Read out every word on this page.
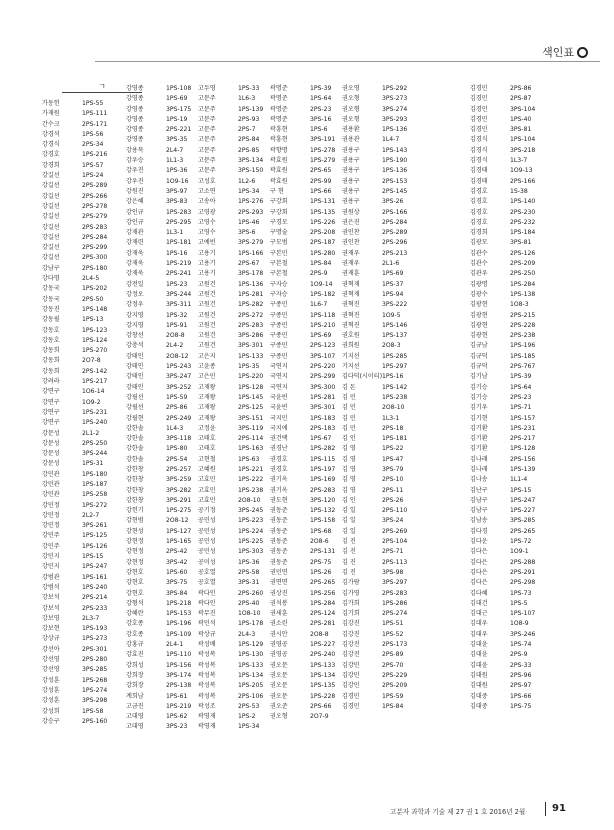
색인표
ㄱ
가동헌	1PS-55
가재원	1PS-111
간수크	2PS-171
강경석	1PS-56
강경식	2PS-34
강경호	1PS-216
강경희	1PS-57
강길선	1PS-24
강길선	2PS-289
강길선	2PS-266
강길선	2PS-278
강길선	2PS-279
강길선	2PS-283
강길선	2PS-284
강길선	2PS-299
강길선	2PS-300
강남구	2PS-180
강다영	2L4-5
강동국	1PS-202
강동국	2PS-50
강동진	1PS-148
강동필	1PS-13
강동호	1PS-123
강동호	1PS-124
강동희	1PS-270
강동희	2O7-8
강동희	2PS-142
강려라	1PS-217
강면구	1O6-14
강면구	1O9-2
강면구	1PS-231
강면구	1PS-240
강문성	2L1-2
강문성	2PS-250
강문성	3PS-244
강문성	1PS-31
강민관	1PS-180
강민관	1PS-187
강민관	1PS-258
강민정	1PS-272
강민정	2L2-7
강민정	3PS-261
강민주	1PS-125
강민주	1PS-126
강민지	1PS-15
강민지	1PS-247
강범관	1PS-161
강범석	1PS-240
강보석	2PS-214
강보석	2PS-233
강보영	2L3-7
강보현	1PS-193
강상규	1PS-273
강선아	2PS-301
강선영	2PS-280
강선영	3PS-285
강성훈	1PS-268
강성훈	1PS-274
강성훈	3PS-298
강성희	1PS-58
강승구	2PS-160
강영종	1PS-108
강영종	1PS-69
강영종	3PS-175
강영종	1PS-19
강영종	2PS-221
강영종	3PS-35
강용묵	2L4-7
강우승	1L1-3
강우진	1PS-36
강우진	1O9-16
강원진	3PS-97
강은혜	3PS-83
강인규	1PS-283
강인규	2PS-295
강재관	1L3-1
강재련	1PS-181
강재욱	1PS-16
강재욱	1PS-219
강재욱	2PS-241
강전일	1PS-23
강정오	3PS-244
강정우	3PS-311
강지영	1PS-32
강지영	1PS-91
강창선	2O8-8
강충석	2L4-2
강태인	2O8-12
강태인	1PS-243
강태인	3PS-247
강태인	3PS-252
강필선	1PS-59
강필선	2PS-86
강필현	2PS-249
강한솔	1L4-3
강한솔	3PS-118
강한솔	1PS-80
강한솔	2PS-54
강한창	2PS-257
강한창	3PS-259
강한창	3PS-282
강한창	3PS-291
강헌기	1PS-275
강현범	2O8-12
강현성	1PS-127
강현정	1PS-165
강현정	2PS-42
강현정	3PS-42
강현호	1PS-60
강현호	3PS-75
강현호	3PS-84
강형석	1PS-218
강혜란	1PS-153
강호종	1PS-196
강호종	1PS-109
강홍규	2L4-1
강효진	1PS-110
강희성	1PS-156
강희장	3PS-174
강희장	2PS-138
계희남	1PS-61
고금진	1PS-219
고대영	1PS-62
고대영	3PS-23
고두영	1PS-33
고문주	1L6-3
고문주	1PS-139
고문주	2PS-93
고문주	2PS-7
고문주	2PS-84
고문주	2PS-85
고문주	3PS-134
고문주	3PS-150
고성호	1L2-6
고소연	1PS-34
고송아	1PS-276
고영광	2PS-293
고영수	1PS-46
고영수	3PS-6
고예빈	3PS-279
고용기	1PS-166
고용기	2PS-67
고용기	3PS-178
고원건	1PS-136
고원건	1PS-281
고원건	1PS-282
고원건	2PS-272
고원건	2PS-283
고원건	3PS-286
고원건	3PS-301
고은지	1PS-133
고윤종	1PS-35
고은민	1PS-220
고재왕	1PS-128
고재왕	1PS-145
고재왕	2PS-125
고재왕	3PS-151
고정윤	3PS-119
고태호	2PS-114
고태호	1PS-163
고현철	1PS-63
고혜원	1PS-221
고효민	1PS-222
고효민	1PS-238
고효민	2O8-10
공기정	3PS-245
공민성	1PS-223
공민성	1PS-224
공민성	1PS-225
공민성	1PS-303
공미성	1PS-36
공호열	2PS-58
공호열	3PS-31
곽다인	2PS-260
곽다인	2PS-40
곽무진	1O8-10
곽민석	1PS-178
곽상규	2L4-3
곽성배	1PS-129
곽성복	1PS-130
곽성복	1PS-133
곽성복	1PS-134
곽성복	1PS-205
곽성복	2PS-106
곽성조	2PS-53
곽영재	1PS-2
곽영재	1PS-34
곽명준	1PS-39
곽명준	1PS-64
곽명준	2PS-23
곽명준	3PS-16
곽흥현	1PS-6
곽흥현	3PS-191
곽향명	1PS-278
곽효원	1PS-279
곽효원	2PS-65
곽효원	2PS-99
구 현	1PS-66
구강회	1PS-131
구강회	1PS-135
구경모	1PS-226
구명술	2PS-208
구모범	2PS-187
구본민	1PS-280
구본철	1PS-84
구본철	2PS-9
구자승	1O9-14
구자승	1PS-182
구종민	1L6-7
구종민	1PS-118
구종민	1PS-210
구종민	1PS-69
구종민	2PS-123
구종민	3PS-107
국연지	2PS-220
국연지	2PS-299
국연지	3PS-300
국윤빈	1PS-281
국윤빈	3PS-301
국지민	1PS-183
국지애	2PS-183
권건택	1PS-67
권경난	1PS-282
권경호	1PS-115
권경호	1PS-197
권기옥	1PS-169
권기옥	2PS-283
권도현	3PS-120
권동준	1PS-132
권동준	1PS-158
권동준	1PS-68
권동준	2O8-6
권동준	2PS-131
권동준	2PS-75
권민면	1PS-26
권면면	2PS-265
권상진	1PS-256
권석봉	1PS-284
권세훈	2PS-124
권소린	2PS-281
권시안	2O8-8
권영공	1PS-227
권영공	2PS-240
권오문	1PS-133
권오문	1PS-134
권오문	1PS-135
권오문	1PS-228
권오준	2PS-66
권오형	2O7-9
권오영	1PS-292
권오형	3PS-273
권오형	3PS-274
권오형	3PS-293
권용환	1PS-136
권용관	1L4-7
권용구	1PS-143
권용구	1PS-190
권용구	1PS-136
권용구	2PS-153
권용구	2PS-145
권용구	3PS-26
권원상	2PS-166
권은진	2PS-284
권인찬	2PS-289
권인찬	2PS-296
권재우	2PS-213
권재우	2L1-6
권재훈	1PS-69
권혁재	1PS-37
권혁재	1PS-94
권혁진	3PS-222
권혁진	1O9-5
권혁진	1PS-146
권호원	1PS-137
권희원	2O8-3
기지선	1PS-285
기지선	1PS-297
김다덕(시이티) 1PS-16
김 돈	1PS-142
김 민	1PS-238
김 민	2O8-10
김 민	1L3-1
김 민	2PS-18
김 인	1PS-181
김 영	1PS-22
김 영	1PS-47
김 영	3PS-79
김 영	2PS-10
김 영	2PS-11
김 인	2PS-26
김 일	2PS-110
김 일	3PS-24
김 일	2PS-269
김 진	2PS-104
김 진	2PS-71
김 진	2PS-113
김 진	3PS-98
김가람	3PS-297
김가영	2PS-283
김가희	1PS-286
김기희	2PS-274
김강진	1PS-51
김강진	1PS-52
김강진	2PS-173
김강진	2PS-89
김강민	2PS-70
김강민	2PS-229
김강민	2PS-209
김경민	1PS-59
김경민	1PS-84
김경민	2PS-86
김경민	2PS-87
김경민	3PS-104
김경민	1PS-40
김경민	3PS-81
김경식	1PS-104
김경식	3PS-218
김경식	1L3-7
김경태	1O9-13
김경태	2PS-166
김경호	1S-38
김경호	1PS-140
김경호	2PS-230
김경호	2PS-232
김경희	1PS-184
김광모	3PS-81
김관수	2PS-126
김관수	2PS-209
김관우	2PS-250
김광명	1PS-284
김광수	1PS-138
김광현	1O8-3
김광현	2PS-215
김광현	2PS-228
김광현	2PS-238
김규남	1PS-196
김규덕	1PS-185
김규덕	2PS-767
김기남	1PS-39
김기승	1PS-64
김기승	2PS-23
김기우	1PS-71
김기현	1PS-157
김기환	1PS-231
김기환	2PS-217
김기환	1PS-128
김나래	2PS-156
김나래	1PS-139
김나송	1L1-4
김난구	1PS-15
김남구	1PS-247
김남구	1PS-227
김남송	3PS-285
김다경	2PS-265
김다운	1PS-72
김다은	1O9-1
김다은	2PS-288
김다은	2PS-291
김다은	2PS-298
김다혜	1PS-73
김대건	1PS-5
김대근	1PS-107
김대우	1O8-9
김대우	3PS-246
김대윤	1PS-74
김대윤	2PS-9
김대윤	2PS-33
김대원	2PS-96
김대원	2PS-97
김대중	1PS-66
김대중	1PS-75
고분자 과학과 기술 제 27 권 1 호 2016년 2월	91
